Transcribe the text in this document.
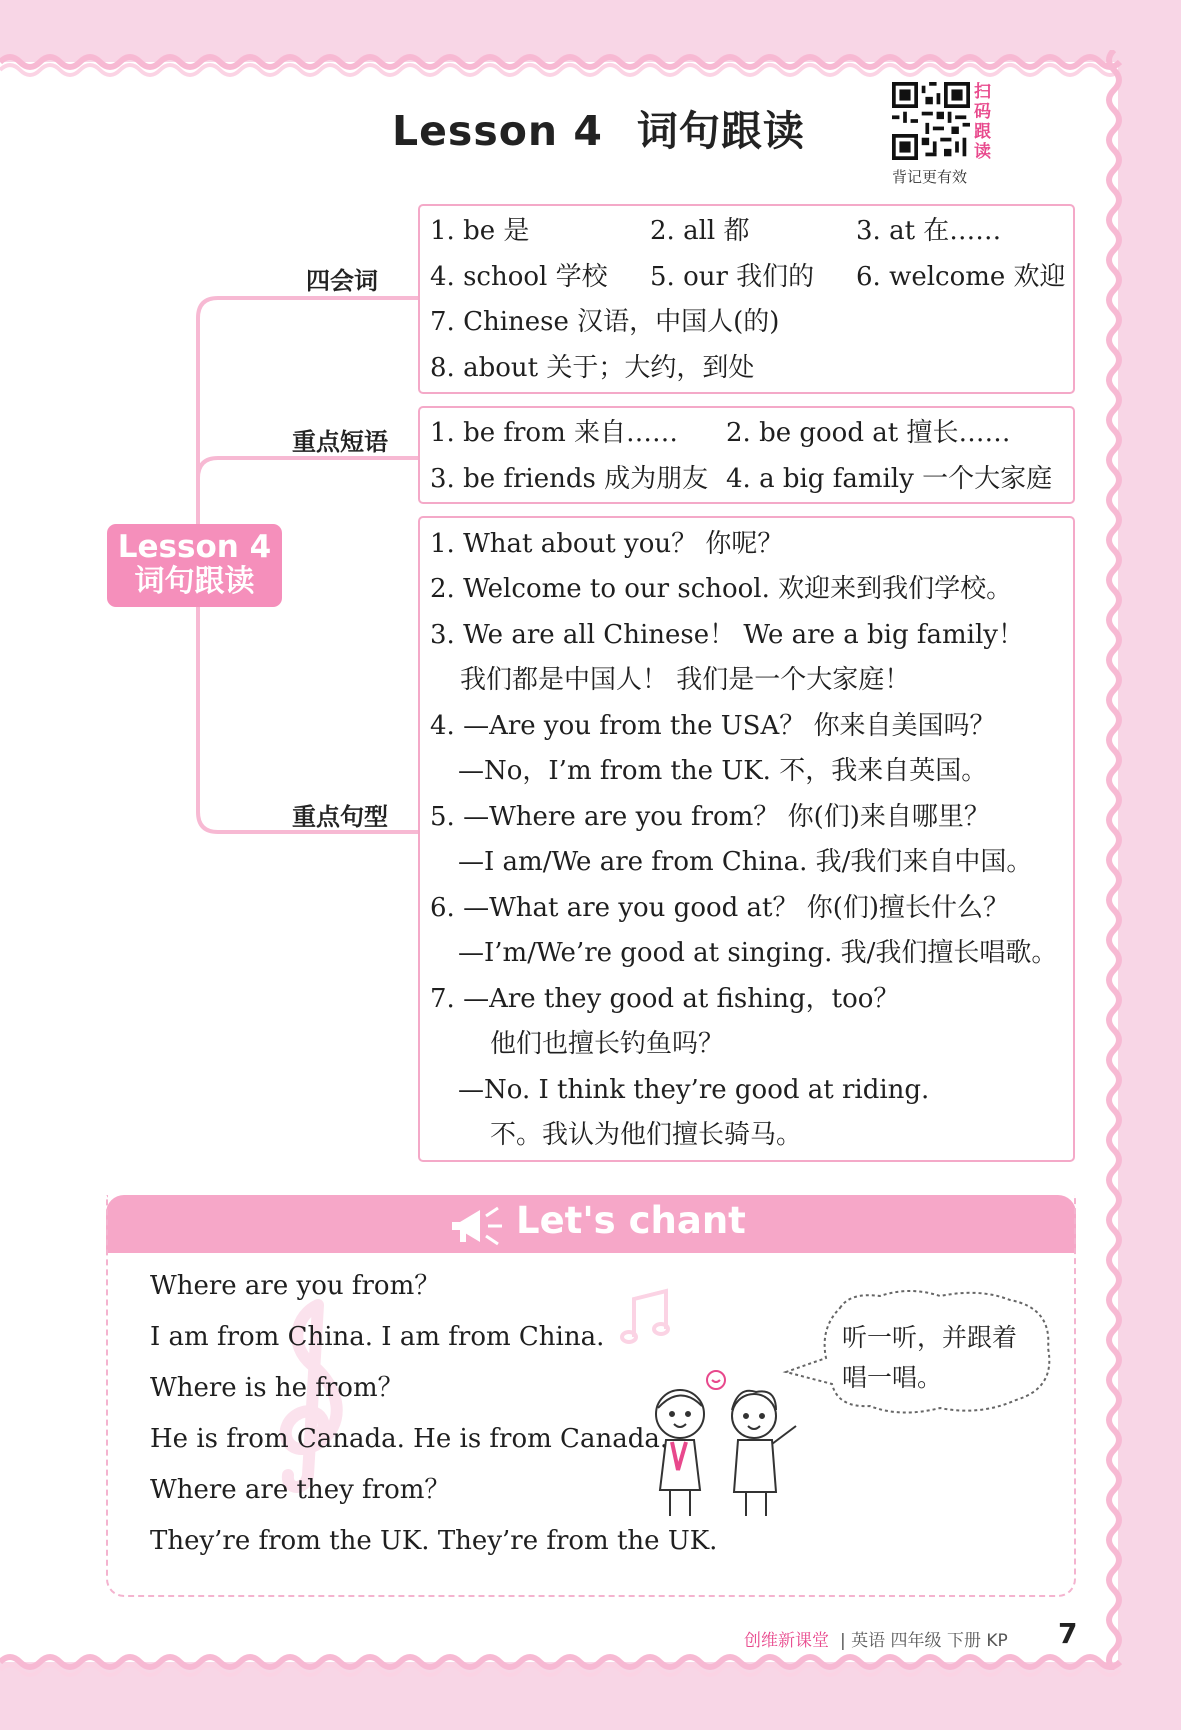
Lesson 4 词句跟读
扫
码
跟
读
背记更有效
Lesson 4
词句跟读
四会词
重点短语
重点句型
1. be 是	2. all 都	3. at 在……
4. school 学校 5. our 我们的 6. welcome 欢迎
7. Chinese 汉语，中国人(的)
8. about 关于；大约，到处
1. be from 来自…… 2. be good at 擅长……
3. be friends 成为朋友 4. a big family 一个大家庭
1. What about you？ 你呢？
2. Welcome to our school. 欢迎来到我们学校。
3. We are all Chinese！ We are a big family！
我们都是中国人！ 我们是一个大家庭！
4. —Are you from the USA？ 你来自美国吗？
—No，I’m from the UK. 不，我来自英国。
5. —Where are you from？ 你(们)来自哪里？
—I am/We are from China. 我/我们来自中国。
6. —What are you good at？ 你(们)擅长什么？
—I’m/We’re good at singing. 我/我们擅长唱歌。
7. —Are they good at fishing，too？
他们也擅长钓鱼吗？
—No. I think they’re good at riding.
不。我认为他们擅长骑马。
Let's chant
Where are you from？
I am from China. I am from China.
Where is he from？
He is from Canada. He is from Canada.
Where are they from？
They’re from the UK. They’re from the UK.
听一听，并跟着
唱一唱。
创维新课堂 | 英语 四年级 下册 KP 7
